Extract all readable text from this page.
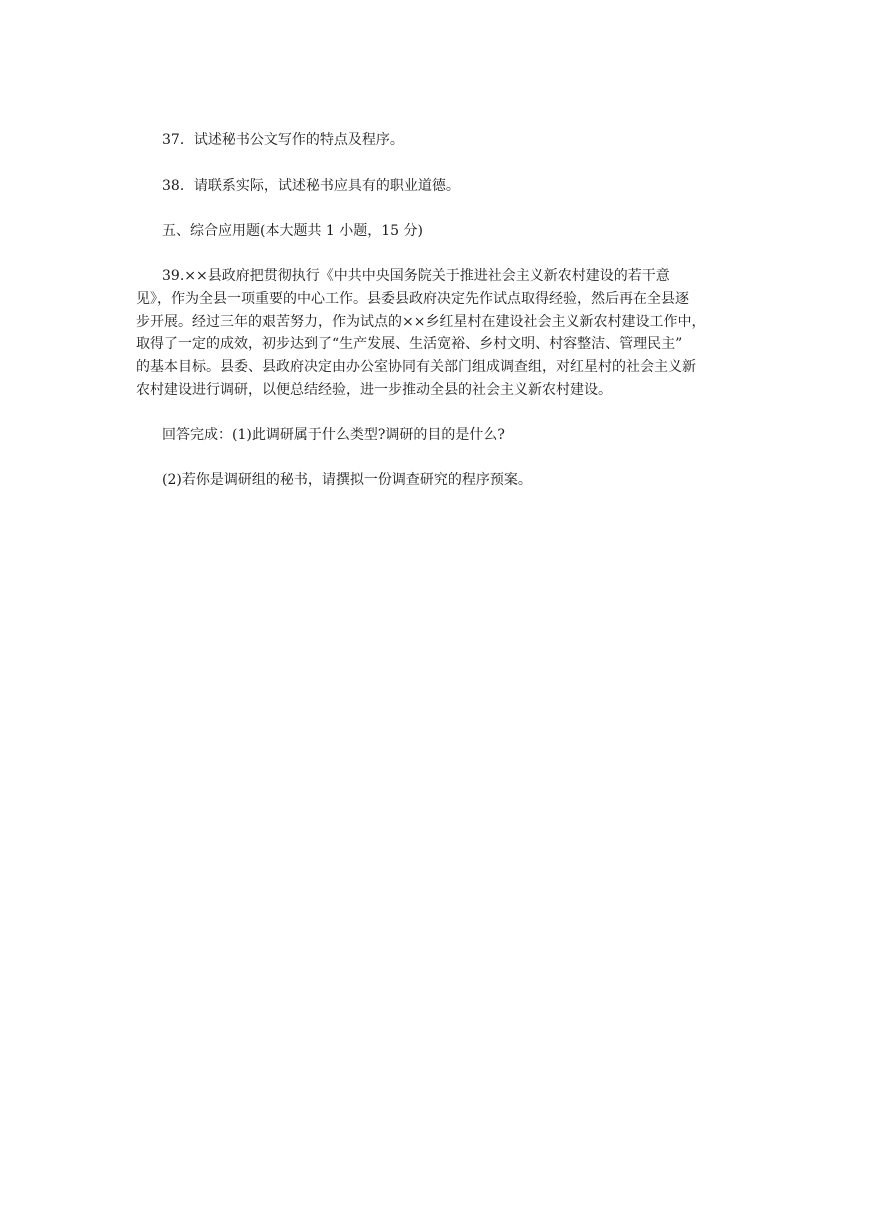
37．试述秘书公文写作的特点及程序。
38．请联系实际，试述秘书应具有的职业道德。
五、综合应用题(本大题共 1 小题，15 分)
39.××县政府把贯彻执行《中共中央国务院关于推进社会主义新农村建设的若干意
见》，作为全县一项重要的中心工作。县委县政府决定先作试点取得经验，然后再在全县逐
步开展。经过三年的艰苦努力，作为试点的××乡红星村在建设社会主义新农村建设工作中，
取得了一定的成效，初步达到了“生产发展、生活宽裕、乡村文明、村容整洁、管理民主”
的基本目标。县委、县政府决定由办公室协同有关部门组成调查组，对红星村的社会主义新
农村建设进行调研，以便总结经验，进一步推动全县的社会主义新农村建设。
回答完成：(1)此调研属于什么类型?调研的目的是什么?
(2)若你是调研组的秘书，请撰拟一份调查研究的程序预案。
